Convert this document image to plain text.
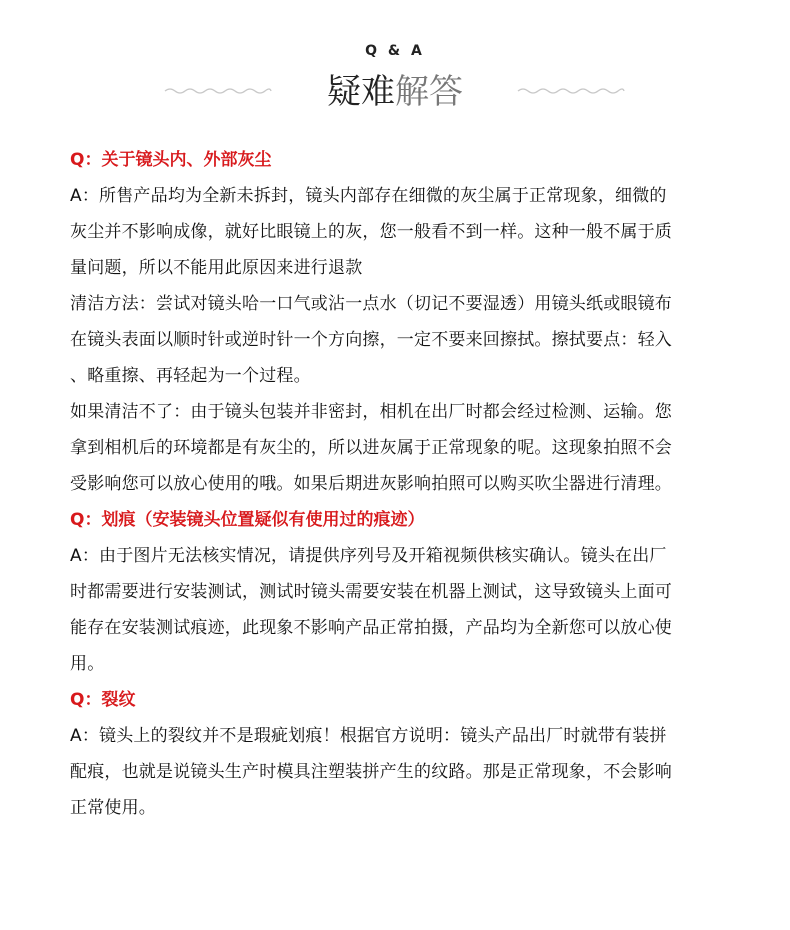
Q & A
疑难解答
Q：关于镜头内、外部灰尘
A：所售产品均为全新未拆封，镜头内部存在细微的灰尘属于正常现象，细微的
灰尘并不影响成像，就好比眼镜上的灰，您一般看不到一样。这种一般不属于质
量问题，所以不能用此原因来进行退款
清洁方法：尝试对镜头哈一口气或沾一点水（切记不要湿透）用镜头纸或眼镜布
在镜头表面以顺时针或逆时针一个方向擦，一定不要来回擦拭。擦拭要点：轻入
、略重擦、再轻起为一个过程。
如果清洁不了：由于镜头包装并非密封，相机在出厂时都会经过检测、运输。您
拿到相机后的环境都是有灰尘的，所以进灰属于正常现象的呢。这现象拍照不会
受影响您可以放心使用的哦。如果后期进灰影响拍照可以购买吹尘器进行清理。
Q：划痕（安装镜头位置疑似有使用过的痕迹）
A：由于图片无法核实情况，请提供序列号及开箱视频供核实确认。镜头在出厂
时都需要进行安装测试，测试时镜头需要安装在机器上测试，这导致镜头上面可
能存在安装测试痕迹，此现象不影响产品正常拍摄，产品均为全新您可以放心使
用。
Q：裂纹
A：镜头上的裂纹并不是瑕疵划痕！根据官方说明：镜头产品出厂时就带有装拼
配痕，也就是说镜头生产时模具注塑装拼产生的纹路。那是正常现象，不会影响
正常使用。
